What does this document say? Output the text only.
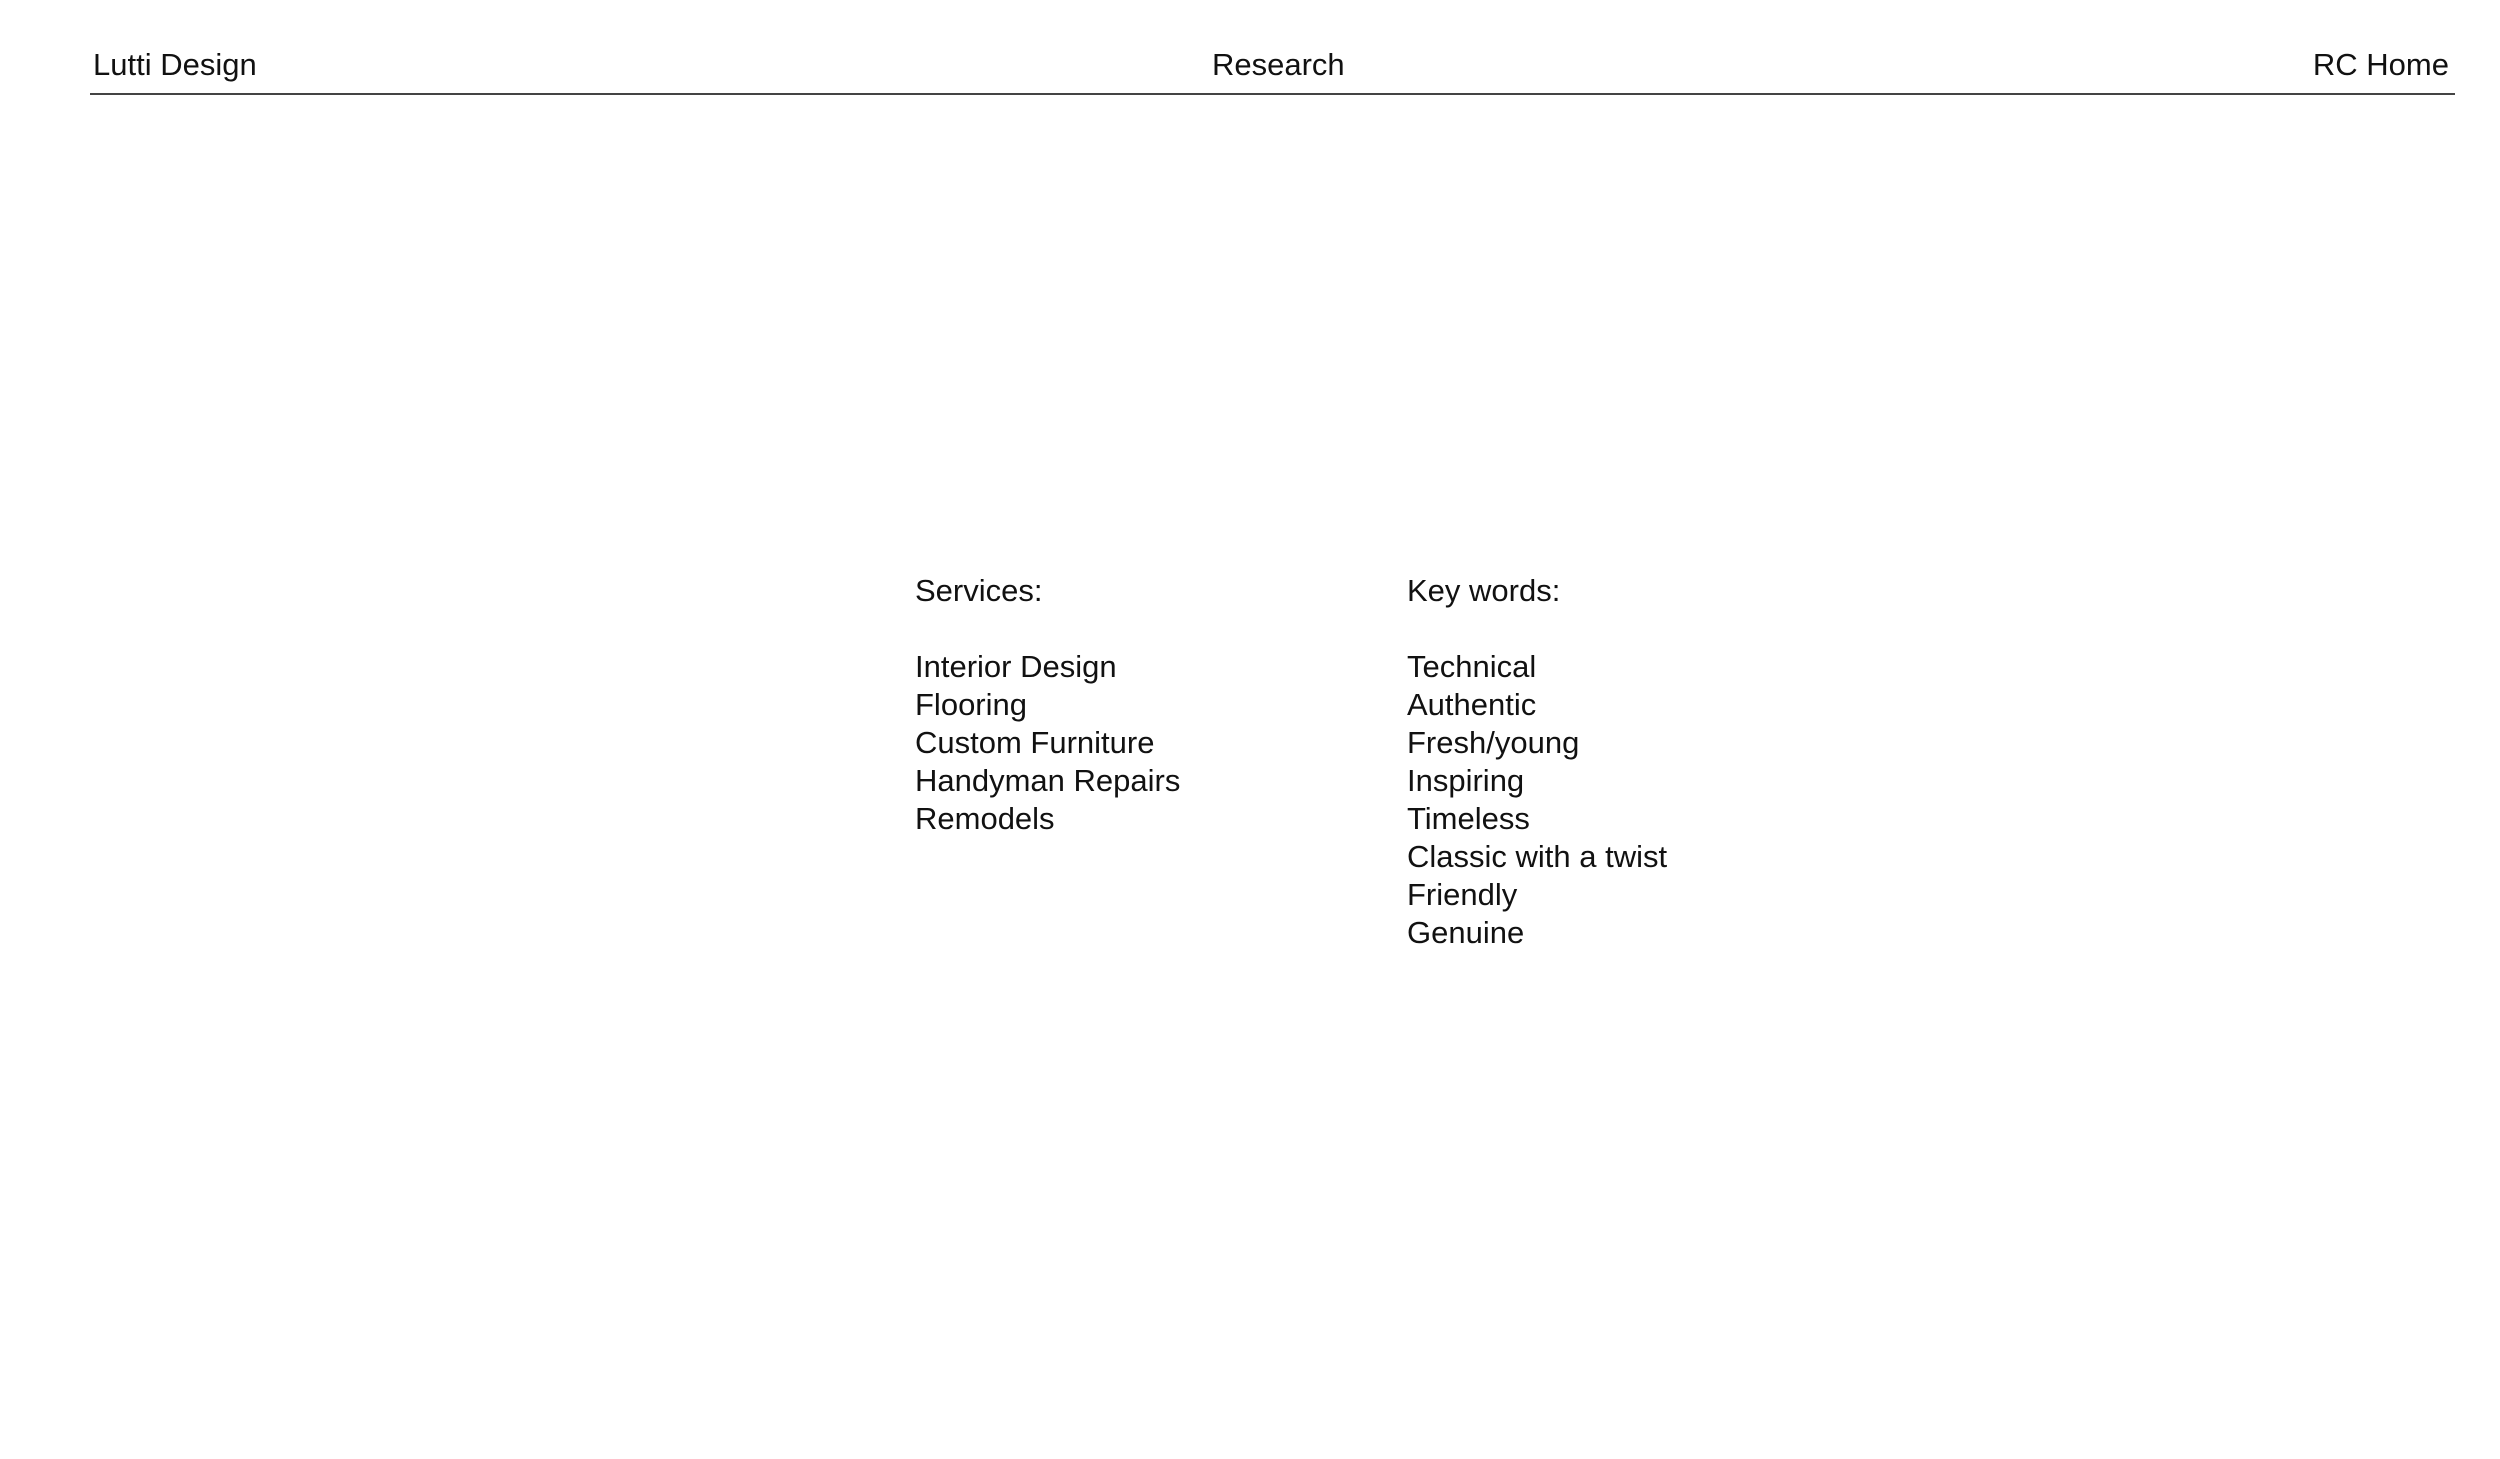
Lutti Design	Research	RC Home
Services:
Interior Design
Flooring
Custom Furniture
Handyman Repairs
Remodels
Key words:
Technical
Authentic
Fresh/young
Inspiring
Timeless
Classic with a twist
Friendly
Genuine
